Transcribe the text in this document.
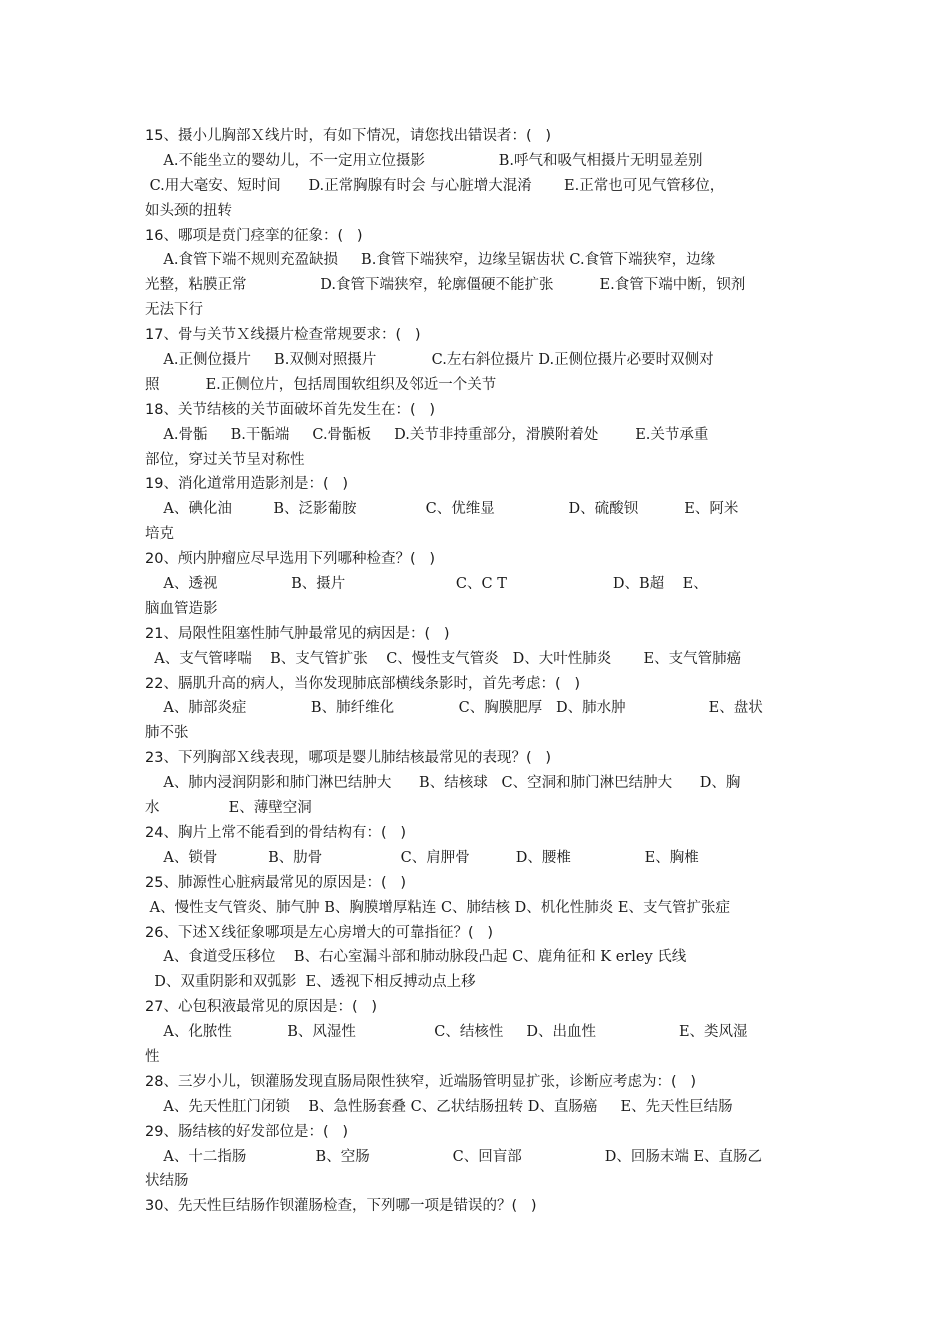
15、摄小儿胸部Ｘ线片时，有如下情况，请您找出错误者：(   )
A.不能坐立的婴幼儿，不一定用立位摄影                B.呼气和吸气相摄片无明显差别
C.用大毫安、短时间      D.正常胸腺有时会 与心脏增大混淆       E.正常也可见气管移位，
如头颈的扭转
16、哪项是贲门痉挛的征象：(   )
A.食管下端不规则充盈缺损     B.食管下端狭窄，边缘呈锯齿状 C.食管下端狭窄，边缘
光整，粘膜正常                D.食管下端狭窄，轮廓僵硬不能扩张          E.食管下端中断，钡剂
无法下行
17、骨与关节Ｘ线摄片检查常规要求：(   )
A.正侧位摄片     B.双侧对照摄片            C.左右斜位摄片 D.正侧位摄片必要时双侧对
照          E.正侧位片，包括周围软组织及邻近一个关节
18、关节结核的关节面破坏首先发生在：(   )
A.骨骺     B.干骺端     C.骨骺板     D.关节非持重部分，滑膜附着处        E.关节承重
部位，穿过关节呈对称性
19、消化道常用造影剂是：(   )
A、碘化油         B、泛影葡胺               C、优维显                D、硫酸钡          E、阿米
培克
20、颅内肿瘤应尽早选用下列哪种检查？(   )
A、透视                B、摄片                        C、C T                       D、B超    E、
脑血管造影
21、局限性阻塞性肺气肿最常见的病因是：(   )
A、支气管哮喘    B、支气管扩张    C、慢性支气管炎   D、大叶性肺炎       E、支气管肺癌
22、膈肌升高的病人，当你发现肺底部横线条影时，首先考虑：(   )
A、肺部炎症              B、肺纤维化              C、胸膜肥厚   D、肺水肿                  E、盘状
肺不张
23、下列胸部Ｘ线表现，哪项是婴儿肺结核最常见的表现？(   )
A、肺内浸润阴影和肺门淋巴结肿大      B、结核球   C、空洞和肺门淋巴结肿大      D、胸
水               E、薄壁空洞
24、胸片上常不能看到的骨结构有：(   )
A、锁骨           B、肋骨                 C、肩胛骨          D、腰椎                E、胸椎
25、肺源性心脏病最常见的原因是：(   )
A、慢性支气管炎、肺气肿 B、胸膜增厚粘连 C、肺结核 D、机化性肺炎 E、支气管扩张症
26、下述Ｘ线征象哪项是左心房增大的可靠指征？(   )
A、食道受压移位    B、右心室漏斗部和肺动脉段凸起 C、鹿角征和 K erley 氏线
D、双重阴影和双弧影  E、透视下相反搏动点上移
27、心包积液最常见的原因是：(   )
A、化脓性            B、风湿性                 C、结核性     D、出血性                  E、类风湿
性
28、三岁小儿，钡灌肠发现直肠局限性狭窄，近端肠管明显扩张，诊断应考虑为：(   )
A、先天性肛门闭锁    B、急性肠套叠 C、乙状结肠扭转 D、直肠癌     E、先天性巨结肠
29、肠结核的好发部位是：(   )
A、十二指肠               B、空肠                  C、回盲部                  D、回肠末端 E、直肠乙
状结肠
30、先天性巨结肠作钡灌肠检查，下列哪一项是错误的？(   )
